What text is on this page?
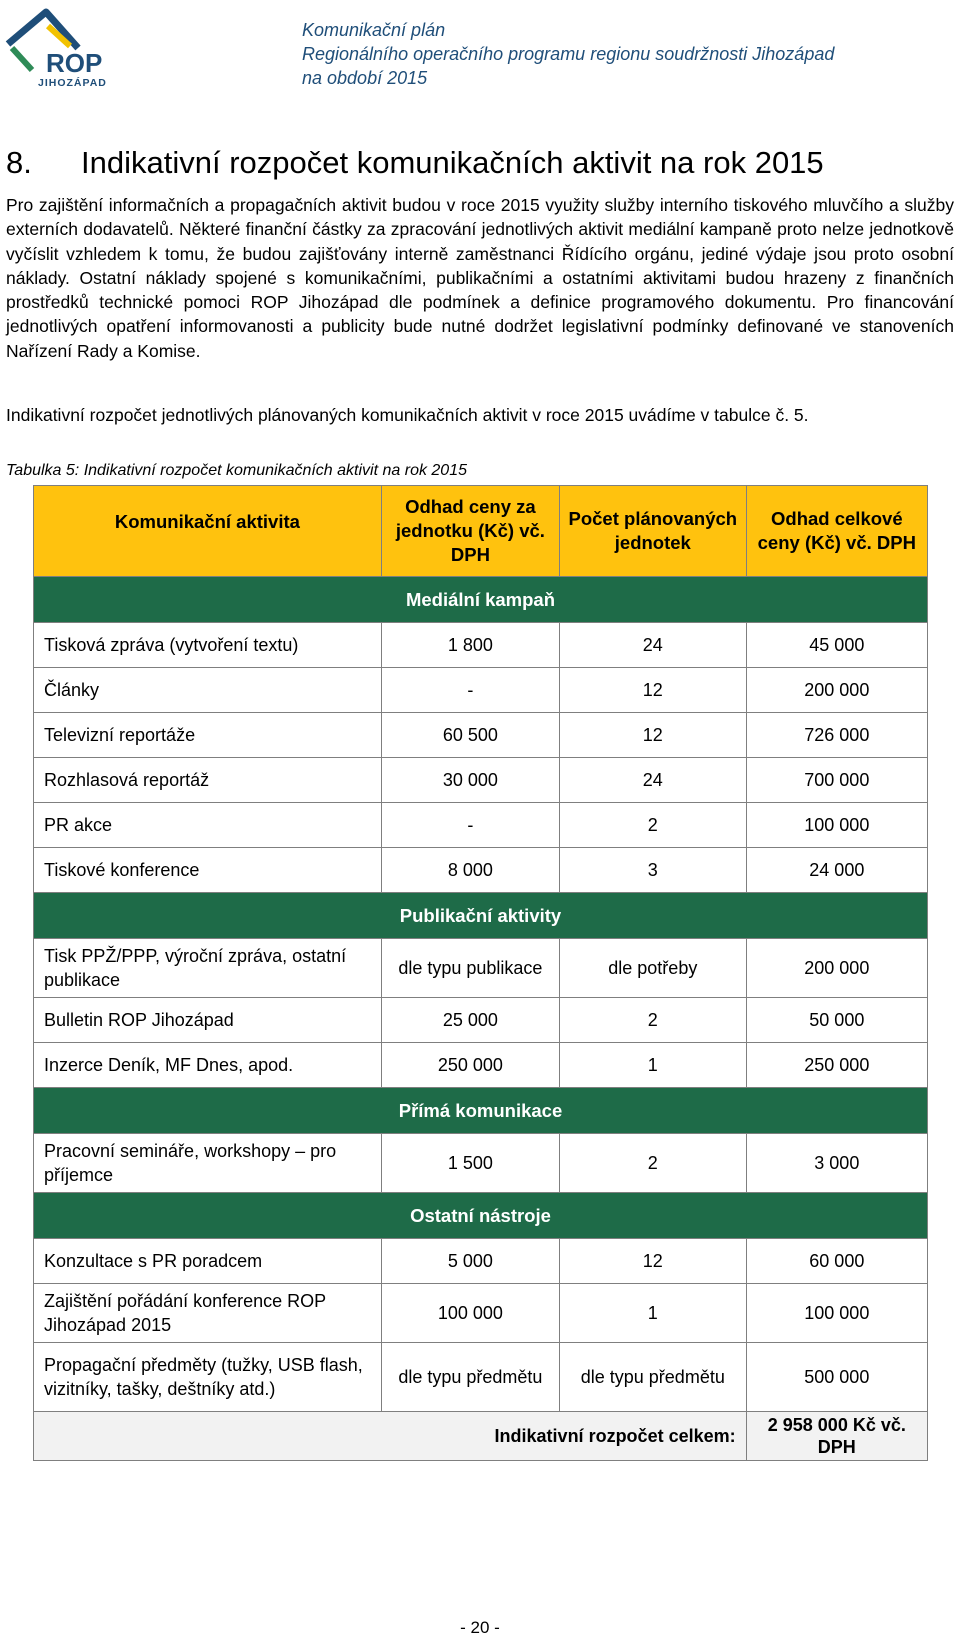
ROP
JIHOZÁPAD
Komunikační plán
Regionálního operačního programu regionu soudržnosti Jihozápad
na období 2015
8. Indikativní rozpočet komunikačních aktivit na rok 2015
Pro zajištění informačních a propagačních aktivit budou v roce 2015 využity služby interního tiskového mluvčího a služby externích dodavatelů. Některé finanční částky za zpracování jednotlivých aktivit mediální kampaně proto nelze jednotkově vyčíslit vzhledem k tomu, že budou zajišťovány interně zaměstnanci Řídícího orgánu, jediné výdaje jsou proto osobní náklady. Ostatní náklady spojené s komunikačními, publikačními a ostatními aktivitami budou hrazeny z finančních prostředků technické pomoci ROP Jihozápad dle podmínek a definice programového dokumentu. Pro financování jednotlivých opatření informovanosti a publicity bude nutné dodržet legislativní podmínky definované ve stanoveních Nařízení Rady a Komise.
Indikativní rozpočet jednotlivých plánovaných komunikačních aktivit v roce 2015 uvádíme v tabulce č. 5.
Tabulka 5: Indikativní rozpočet komunikačních aktivit na rok 2015
Komunikační aktivita	Odhad ceny za jednotku (Kč) vč. DPH	Počet plánovaných jednotek	Odhad celkové ceny (Kč) vč. DPH
Mediální kampaň			
Tisková zpráva (vytvoření textu)	1 800	24	45 000
Články	-	12	200 000
Televizní reportáže	60 500	12	726 000
Rozhlasová reportáž	30 000	24	700 000
PR akce	-	2	100 000
Tiskové konference	8 000	3	24 000
Publikační aktivity			
Tisk PPŽ/PPP, výroční zpráva, ostatní publikace	dle typu publikace	dle potřeby	200 000
Bulletin ROP Jihozápad	25 000	2	50 000
Inzerce Deník, MF Dnes, apod.	250 000	1	250 000
Přímá komunikace			
Pracovní semináře, workshopy – pro příjemce	1 500	2	3 000
Ostatní nástroje			
Konzultace s PR poradcem	5 000	12	60 000
Zajištění pořádání konference ROP Jihozápad 2015	100 000	1	100 000
Propagační předměty (tužky, USB flash, vizitníky, tašky, deštníky atd.)	dle typu předmětu	dle typu předmětu	500 000
Indikativní rozpočet celkem:			2 958 000 Kč vč. DPH
- 20 -
